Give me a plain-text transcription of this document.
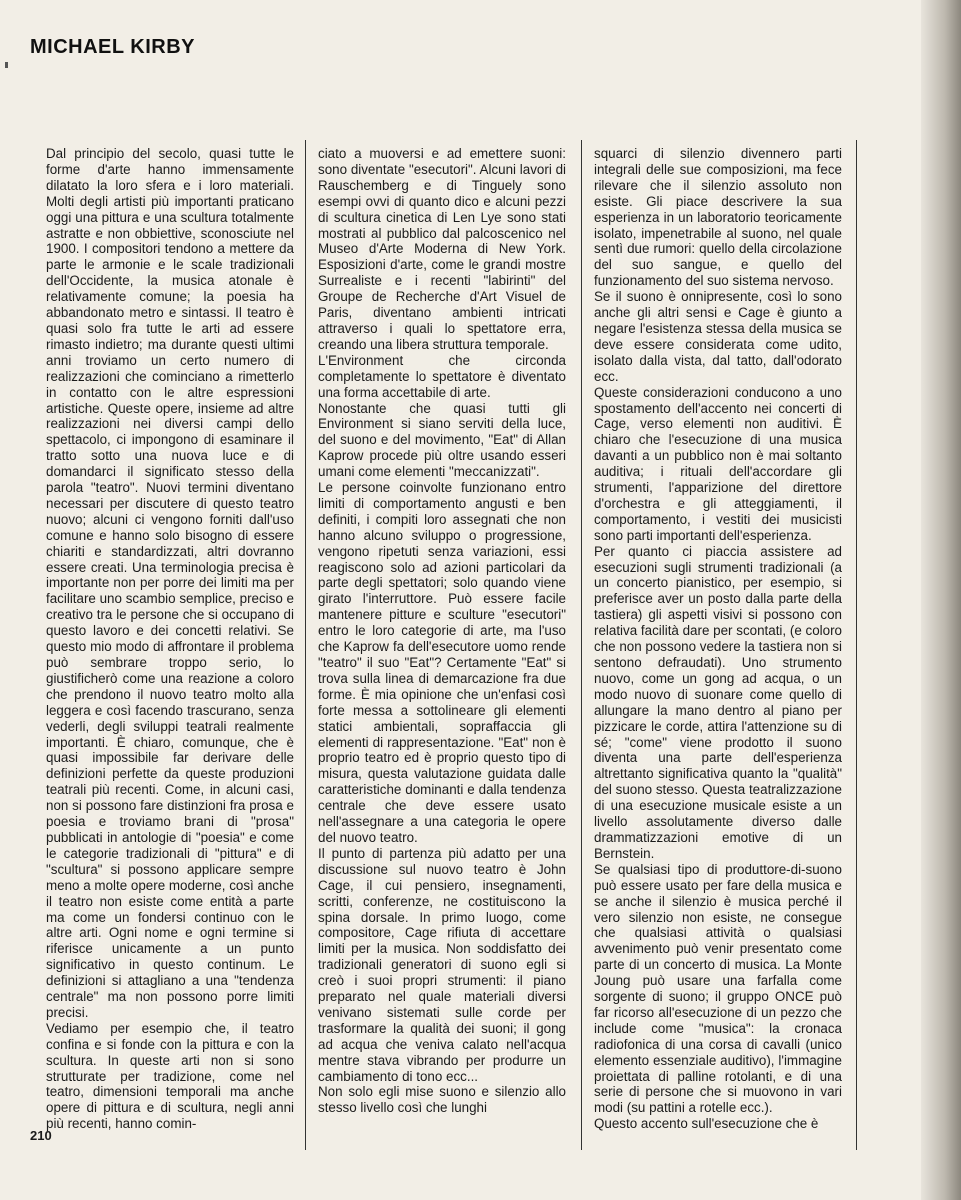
MICHAEL KIRBY

Dal principio del secolo, quasi tutte le forme d'arte hanno immensamente dilatato la loro sfera e i loro materiali. Molti degli artisti più importanti praticano oggi una pittura e una scultura totalmente astratte e non obbiettive, sconosciute nel 1900. I compositori tendono a mettere da parte le armonie e le scale tradizionali dell'Occidente, la musica atonale è relativamente comune; la poesia ha abbandonato metro e sintassi. Il teatro è quasi solo fra tutte le arti ad essere rimasto indietro; ma durante questi ultimi anni troviamo un certo numero di realizzazioni che cominciano a rimetterlo in contatto con le altre espressioni artistiche. Queste opere, insieme ad altre realizzazioni nei diversi campi dello spettacolo, ci impongono di esaminare il tratto sotto una nuova luce e di domandarci il significato stesso della parola "teatro". Nuovi termini diventano necessari per discutere di questo teatro nuovo; alcuni ci vengono forniti dall'uso comune e hanno solo bisogno di essere chiariti e standardizzati, altri dovranno essere creati. Una terminologia precisa è importante non per porre dei limiti ma per facilitare uno scambio semplice, preciso e creativo tra le persone che si occupano di questo lavoro e dei concetti relativi. Se questo mio modo di affrontare il problema può sembrare troppo serio, lo giustificherò come una reazione a coloro che prendono il nuovo teatro molto alla leggera e così facendo trascurano, senza vederli, degli sviluppi teatrali realmente importanti. È chiaro, comunque, che è quasi impossibile far derivare delle definizioni perfette da queste produzioni teatrali più recenti. Come, in alcuni casi, non si possono fare distinzioni fra prosa e poesia e troviamo brani di "prosa" pubblicati in antologie di "poesia" e come le categorie tradizionali di "pittura" e di "scultura" si possono applicare sempre meno a molte opere moderne, così anche il teatro non esiste come entità a parte ma come un fondersi continuo con le altre arti. Ogni nome e ogni termine si riferisce unicamente a un punto significativo in questo continum. Le definizioni si attagliano a una "tendenza centrale" ma non possono porre limiti precisi.

Vediamo per esempio che, il teatro confina e si fonde con la pittura e con la scultura. In queste arti non si sono strutturate per tradizione, come nel teatro, dimensioni temporali ma anche opere di pittura e di scultura, negli anni più recenti, hanno comin-

ciato a muoversi e ad emettere suoni: sono diventate "esecutori". Alcuni lavori di Rauschemberg e di Tinguely sono esempi ovvi di quanto dico e alcuni pezzi di scultura cinetica di Len Lye sono stati mostrati al pubblico dal palcoscenico nel Museo d'Arte Moderna di New York. Esposizioni d'arte, come le grandi mostre Surrealiste e i recenti "labirinti" del Groupe de Recherche d'Art Visuel de Paris, diventano ambienti intricati attraverso i quali lo spettatore erra, creando una libera struttura temporale.

L'Environment che circonda completamente lo spettatore è diventato una forma accettabile di arte.

Nonostante che quasi tutti gli Environment si siano serviti della luce, del suono e del movimento, "Eat" di Allan Kaprow procede più oltre usando esseri umani come elementi "meccanizzati".

Le persone coinvolte funzionano entro limiti di comportamento angusti e ben definiti, i compiti loro assegnati che non hanno alcuno sviluppo o progressione, vengono ripetuti senza variazioni, essi reagiscono solo ad azioni particolari da parte degli spettatori; solo quando viene girato l'interruttore. Può essere facile mantenere pitture e sculture "esecutori" entro le loro categorie di arte, ma l'uso che Kaprow fa dell'esecutore uomo rende "teatro" il suo "Eat"? Certamente "Eat" si trova sulla linea di demarcazione fra due forme. È mia opinione che un'enfasi così forte messa a sottolineare gli elementi statici ambientali, sopraffaccia gli elementi di rappresentazione. "Eat" non è proprio teatro ed è proprio questo tipo di misura, questa valutazione guidata dalle caratteristiche dominanti e dalla tendenza centrale che deve essere usato nell'assegnare a una categoria le opere del nuovo teatro.

Il punto di partenza più adatto per una discussione sul nuovo teatro è John Cage, il cui pensiero, insegnamenti, scritti, conferenze, ne costituiscono la spina dorsale. In primo luogo, come compositore, Cage rifiuta di accettare limiti per la musica. Non soddisfatto dei tradizionali generatori di suono egli si creò i suoi propri strumenti: il piano preparato nel quale materiali diversi venivano sistemati sulle corde per trasformare la qualità dei suoni; il gong ad acqua che veniva calato nell'acqua mentre stava vibrando per produrre un cambiamento di tono ecc...

Non solo egli mise suono e silenzio allo stesso livello così che lunghi

squarci di silenzio divennero parti integrali delle sue composizioni, ma fece rilevare che il silenzio assoluto non esiste. Gli piace descrivere la sua esperienza in un laboratorio teoricamente isolato, impenetrabile al suono, nel quale sentì due rumori: quello della circolazione del suo sangue, e quello del funzionamento del suo sistema nervoso.

Se il suono è onnipresente, così lo sono anche gli altri sensi e Cage è giunto a negare l'esistenza stessa della musica se deve essere considerata come udito, isolato dalla vista, dal tatto, dall'odorato ecc.

Queste considerazioni conducono a uno spostamento dell'accento nei concerti di Cage, verso elementi non auditivi. È chiaro che l'esecuzione di una musica davanti a un pubblico non è mai soltanto auditiva; i rituali dell'accordare gli strumenti, l'apparizione del direttore d'orchestra e gli atteggiamenti, il comportamento, i vestiti dei musicisti sono parti importanti dell'esperienza.

Per quanto ci piaccia assistere ad esecuzioni sugli strumenti tradizionali (a un concerto pianistico, per esempio, si preferisce aver un posto dalla parte della tastiera) gli aspetti visivi si possono con relativa facilità dare per scontati, (e coloro che non possono vedere la tastiera non si sentono defraudati). Uno strumento nuovo, come un gong ad acqua, o un modo nuovo di suonare come quello di allungare la mano dentro al piano per pizzicare le corde, attira l'attenzione su di sé; "come" viene prodotto il suono diventa una parte dell'esperienza altrettanto significativa quanto la "qualità" del suono stesso. Questa teatralizzazione di una esecuzione musicale esiste a un livello assolutamente diverso dalle drammatizzazioni emotive di un Bernstein.

Se qualsiasi tipo di produttore-di-suono può essere usato per fare della musica e se anche il silenzio è musica perché il vero silenzio non esiste, ne consegue che qualsiasi attività o qualsiasi avvenimento può venir presentato come parte di un concerto di musica. La Monte Joung può usare una farfalla come sorgente di suono; il gruppo ONCE può far ricorso all'esecuzione di un pezzo che include come "musica": la cronaca radiofonica di una corsa di cavalli (unico elemento essenziale auditivo), l'immagine proiettata di palline rotolanti, e di una serie di persone che si muovono in vari modi (su pattini a rotelle ecc.).

Questo accento sull'esecuzione che è

210
